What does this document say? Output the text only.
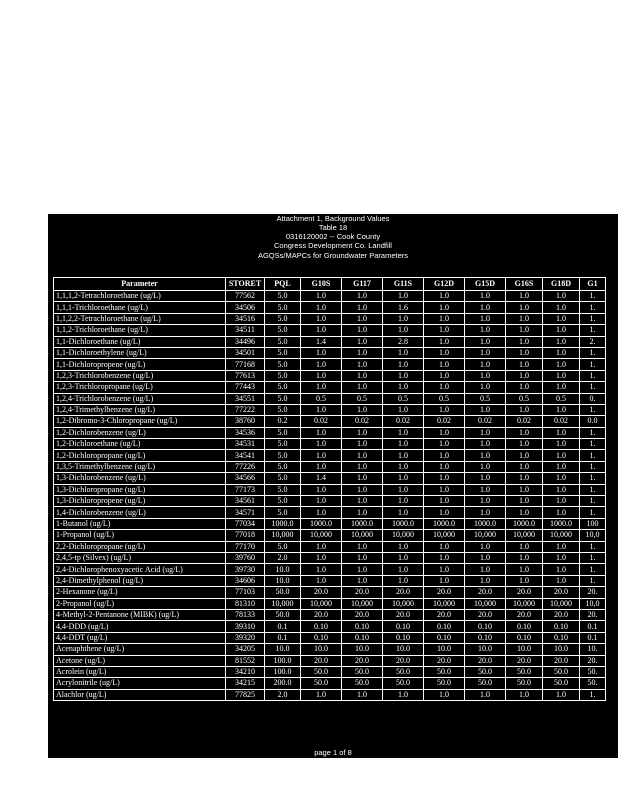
Attachment 1, Background Values
Table 18
0316120002 -- Cook County
Congress Development Co. Landfill
AGQSs/MAPCs for Groundwater Parameters
Parameter	STORET	PQL	G10S	G117	G11S	G12D	G15D	G16S	G18D	G1
1,1,1,2-Tetrachloroethane (ug/L)	77562	5.0	1.0	1.0	1.0	1.0	1.0	1.0	1.0	1.
1,1,1-Trichloroethane (ug/L)	34506	5.0	1.0	1.0	1.6	1.0	1.0	1.0	1.0	1.
1,1,2,2-Tetrachloroethane (ug/L)	34516	5.0	1.0	1.0	1.0	1.0	1.0	1.0	1.0	1.
1,1,2-Trichloroethane (ug/L)	34511	5.0	1.0	1.0	1.0	1.0	1.0	1.0	1.0	1.
1,1-Dichloroethane (ug/L)	34496	5.0	1.4	1.0	2.8	1.0	1.0	1.0	1.0	2.
1,1-Dichloroethylene (ug/L)	34501	5.0	1.0	1.0	1.0	1.0	1.0	1.0	1.0	1.
1,1-Dichloropropene (ug/L)	77168	5.0	1.0	1.0	1.0	1.0	1.0	1.0	1.0	1.
1,2,3-Trichlorobenzene (ug/L)	77613	5.0	1.0	1.0	1.0	1.0	1.0	1.0	1.0	1.
1,2,3-Trichloropropane (ug/L)	77443	5.0	1.0	1.0	1.0	1.0	1.0	1.0	1.0	1.
1,2,4-Trichlorobenzene (ug/L)	34551	5.0	0.5	0.5	0.5	0.5	0.5	0.5	0.5	0.
1,2,4-Trimethylbenzene (ug/L)	77222	5.0	1.0	1.0	1.0	1.0	1.0	1.0	1.0	1.
1,2-Dibromo-3-Chloropropane (ug/L)	38760	0.2	0.02	0.02	0.02	0.02	0.02	0.02	0.02	0.0
1,2-Dichlorobenzene (ug/L)	34536	5.0	1.0	1.0	1.0	1.0	1.0	1.0	1.0	1.
1,2-Dichloroethane (ug/L)	34531	5.0	1.0	1.0	1.0	1.0	1.0	1.0	1.0	1.
1,2-Dichloropropane (ug/L)	34541	5.0	1.0	1.0	1.0	1.0	1.0	1.0	1.0	1.
1,3,5-Trimethylbenzene (ug/L)	77226	5.0	1.0	1.0	1.0	1.0	1.0	1.0	1.0	1.
1,3-Dichlorobenzene (ug/L)	34566	5.0	1.4	1.0	1.0	1.0	1.0	1.0	1.0	1.
1,3-Dichloropropane (ug/L)	77173	5.0	1.0	1.0	1.0	1.0	1.0	1.0	1.0	1.
1,3-Dichloropropene (ug/L)	34561	5.0	1.0	1.0	1.0	1.0	1.0	1.0	1.0	1.
1,4-Dichlorobenzene (ug/L)	34571	5.0	1.0	1.0	1.0	1.0	1.0	1.0	1.0	1.
1-Butanol (ug/L)	77034	1000.0	1000.0	1000.0	1000.0	1000.0	1000.0	1000.0	1000.0	100
1-Propanol (ug/L)	77018	10,000	10,000	10,000	10,000	10,000	10,000	10,000	10,000	10,0
2,2-Dichloropropane (ug/L)	77170	5.0	1.0	1.0	1.0	1.0	1.0	1.0	1.0	1.
2,4,5-tp (Silvex) (ug/L)	39760	2.0	1.0	1.0	1.0	1.0	1.0	1.0	1.0	1.
2,4-Dichlorophenoxyacetic Acid (ug/L)	39730	10.0	1.0	1.0	1.0	1.0	1.0	1.0	1.0	1.
2,4-Dimethylphenol (ug/L)	34606	10.0	1.0	1.0	1.0	1.0	1.0	1.0	1.0	1.
2-Hexanone (ug/L)	77103	50.0	20.0	20.0	20.0	20.0	20.0	20.0	20.0	20.
2-Propanol (ug/L)	81310	10,000	10,000	10,000	10,000	10,000	10,000	10,000	10,000	10,0
4-Methyl-2-Pentanone (MIBK) (ug/L)	78133	50.0	20.0	20.0	20.0	20.0	20.0	20.0	20.0	20.
4,4-DDD (ug/L)	39310	0.1	0.10	0.10	0.10	0.10	0.10	0.10	0.10	0.1
4,4-DDT (ug/L)	39320	0.1	0.10	0.10	0.10	0.10	0.10	0.10	0.10	0.1
Acenaphthene (ug/L)	34205	10.0	10.0	10.0	10.0	10.0	10.0	10.0	10.0	10.
Acetone (ug/L)	81552	100.0	20.0	20.0	20.0	20.0	20.0	20.0	20.0	20.
Acrolein (ug/L)	34210	100.0	50.0	50.0	50.0	50.0	50.0	50.0	50.0	50.
Acrylonitrile (ug/L)	34215	200.0	50.0	50.0	50.0	50.0	50.0	50.0	50.0	50.
Alachlor (ug/L)	77825	2.0	1.0	1.0	1.0	1.0	1.0	1.0	1.0	1.
page 1 of 8
